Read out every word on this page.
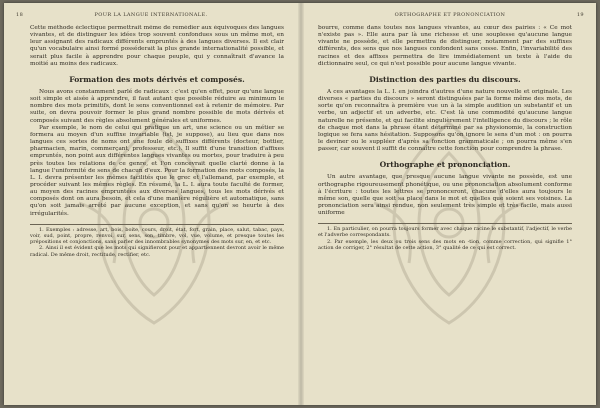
18	POUR LA LANGUE INTERNATIONALE.

Cette méthode éclectique permettrait même de remédier aux équivoques des langues vivantes, et de distinguer les idées trop souvent confondues sous un même mot, en leur assignant des radicaux différents empruntés à des langues diverses. Il est clair qu'un vocabulaire ainsi formé posséderait la plus grande internationalité possible, et serait plus facile à apprendre pour chaque peuple, qui y connaîtrait d'avance la moitié au moins des radicaux.

Formation des mots dérivés et composés.

Nous avons constamment parlé de radicaux : c'est qu'en effet, pour qu'une langue soit simple et aisée à apprendre, il faut autant que possible réduire au minimum le nombre des mots primitifs, dont le sens conventionnel est à retenir de mémoire. Par suite, on devra pouvoir former le plus grand nombre possible de mots dérivés et composés suivant des règles absolument générales et uniformes.

Par exemple, le nom de celui qui pratique un art, une science ou un métier se formera au moyen d'un suffixe invariable (ist, je suppose), au lieu que dans nos langues ces sortes de noms ont une foule de suffixes différents (docteur, bottier, pharmacien, marin, commerçant, professeur, etc.). Il suffit d'une transition d'affixes empruntés, non point aux différentes langues vivantes ou mortes, pour traduire à peu près toutes les relations de ce genre, et l'on concevrait quelle clarté donne à la langue l'uniformité de sens de chacun d'eux. Pour la formation des mots composés, la L. I. devra présenter les mêmes facilités que le grec et l'allemand, par exemple, et procéder suivant les mêmes règles. En résumé, la L. I. aura toute faculté de former, au moyen des racines empruntées aux diverses langues, tous les mots dérivés et composés dont on aura besoin, et cela d'une manière régulière et automatique, sans qu'on soit jamais arrêté par aucune exception, et sans qu'on se heurte à des irrégularités.

1. Exemples : adresse, art, bois, boite, cours, droit, état, fort, grain, place, salut, tabac, pays, voir, sud, point, propre, renvoi, sur, sens, son, timbre, vol, vue, volume, et presque toutes les prépositions et conjonctions, sans parler des innombrables synonymes des mots sur, en, et etc.

2. Ainsi il est évident que les mots qui signifieront pour et appartiennent devront avoir le même radical. De même droit, rectitude, rectifier, etc.

ORTHOGRAPHE ET PRONONCIATION	19

bourre, comme dans toutes nos langues vivantes, au cœur des pairies : « Ce mot n'existe pas ». Elle aura par là une richesse et une souplesse qu'aucune langue vivante ne possède, et elle permettra de distinguer, notamment par des suffixes différents, des sens que nos langues confondent sans cesse. Enfin, l'invariabilité des racines et des affixes permettra de lire immédiatement un texte à l'aide du dictionnaire seul, ce qui n'est possible pour aucune langue vivante.

Distinction des parties du discours.

A ces avantages la L. I. en joindra d'autres d'une nature nouvelle et originale. Les diverses « parties du discours » seront distinguées par la forme même des mots, de sorte qu'on reconnaîtra à première vue un à la simple audition un substantif et un verbe, un adjectif et un adverbe, etc. C'est là une commodité qu'aucune langue naturelle ne présente, et qui facilite singulièrement l'intelligence du discours ; le rôle de chaque mot dans la phrase étant déterminé par sa physionomie, la construction logique se fera sans hésitation. Supposons qu'on ignore le sens d'un mot : on pourra le deviner ou le suppléer d'après sa fonction grammaticale ; on pourra même s'en passer, car souvent il suffit de connaître cette fonction pour comprendre la phrase.

Orthographe et prononciation.

Un autre avantage, que presque aucune langue vivante ne possède, est une orthographe rigoureusement phonétique, ou une prononciation absolument conforme à l'écriture : toutes les lettres se prononceront, chacune d'elles aura toujours le même son, quelle que soit sa place dans le mot et quelles que soient ses voisines. La prononciation sera ainsi rendue, non seulement très simple et très facile, mais aussi uniforme

1. En particulier, on pourra toujours former avec chaque racine le substantif, l'adjectif, le verbe et l'adverbe correspondants.

2. Par exemple, les deux ou trois sens des mots en -tion, comme correction, qui signifie 1° action de corriger, 2° résultat de cette action, 3° qualité de ce qui est correct.
